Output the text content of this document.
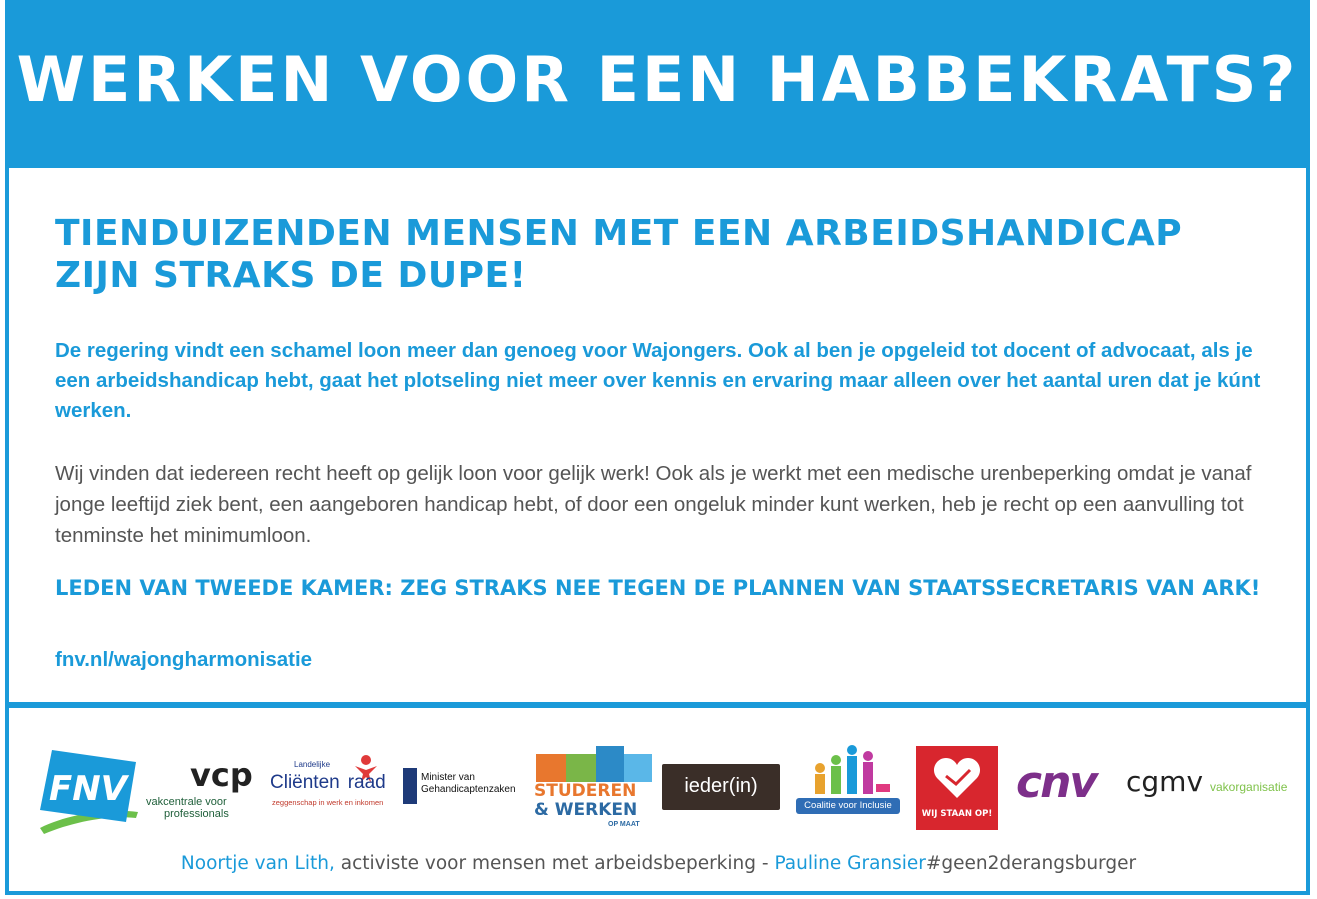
WERKEN VOOR EEN HABBEKRATS?
TIENDUIZENDEN MENSEN MET EEN ARBEIDSHANDICAP
ZIJN STRAKS DE DUPE!

De regering vindt een schamel loon meer dan genoeg voor Wajongers. Ook al ben je opgeleid tot docent of advocaat, als je een arbeidshandicap hebt, gaat het plotseling niet meer over kennis en ervaring maar alleen over het aantal uren dat je kúnt werken.

Wij vinden dat iedereen recht heeft op gelijk loon voor gelijk werk! Ook als je werkt met een medische urenbeperking omdat je vanaf jonge leeftijd ziek bent, een aangeboren handicap hebt, of door een ongeluk minder kunt werken, heb je recht op een aanvulling tot tenminste het minimumloon.

LEDEN VAN TWEEDE KAMER: ZEG STRAKS NEE TEGEN DE PLANNEN VAN STAATSSECRETARIS VAN ARK!
fnv.nl/wajongharmonisatie
FNV vcp
vakcentrale voor
professionals
Landelijke
Cliënten raad
zeggenschap in werk en inkomen
Minister van
Gehandicaptenzaken STUDEREN
& WERKEN
OP MAAT
ieder(in)
Coalitie voor Inclusie
WIJ STAAN OP!
cnv cgmv vakorganisatie
Noortje van Lith, activiste voor mensen met arbeidsbeperking - Pauline Gransier#geen2derangsburger
